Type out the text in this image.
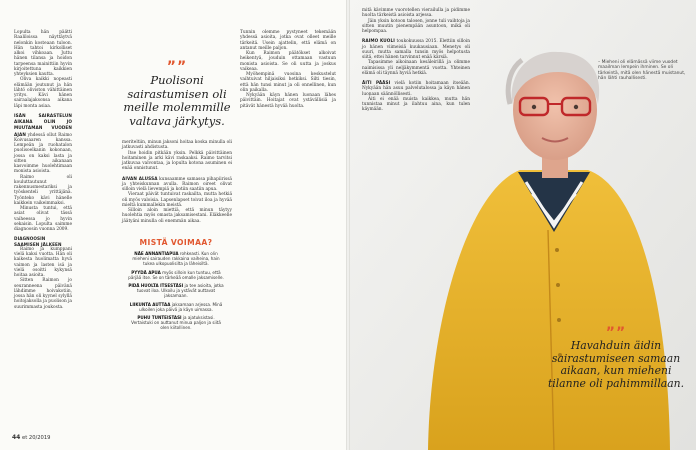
Lopulta hän päätti Raaliloissa näyttäytvä nelonkin kosteaan tuloon. Hän tahtoi kirkolliset alkoi vihkoaan. Juttu hänen tilansa ja hoidon tarpeensa mainittiin hyvin kirjoitettuna kaikkien yhteyksien kautta.

Oliva kaikki nopeasti elämään joutunut ja hän lähtö oliviston vähittäinen yritys. Kävi hänen sairaalajaksonsa aikana läpi monta asiaa.

ISÄN SAIRASTELUN AIKANA OLIN JO MUUTAMAN VUODEN AJAN yhdessä ollut Raimo Koivusaaren kanssa. Lempeän ja ruohatalon puolisoelkanin kokonaan, jossa on kaksi lasta ja sitten aikanaan kasvoimme huolehtimaan monista asioista.

Raimo oli kouluttautunut rakennusmestariksi ja työskenteli yrittäjänä. Työnteko kävi hänelle kaikkein vaikeimmaksi.

Minusta tuntui, että asiat olivat tässä vaiheessa jo hyvin sekaisin. Lopulta saimme diagnoosin vuonna 2009.

DIAGNOOSIN SAAMISEN JÄLKEEN

Raimo ja kumppani vielä kaksi vuotta. Hän oli kaikesta huolimatta hyvä vaimon ja lasten isä ja vielä osoitti kykynsä hoitaa asioita.

Sitten Raimon jo seuranneena päivänä lähdimme hoivakotiin, jossa hän oli kyynel sylyllä hoitojaksolla ja puolison ja suurimmasta joukosta.

””
Puolisoni sairastumisen oli meille molemmille valtava järkytys.

meriteltiin, minun jaksoni hoitaa koska minulla oli jatkuvasti ahdistusta.

Itse hoidin pitkään yksin. Pelkkä päivittäinen hoitaminen ja arki kävi raskaaksi. Raimo tarvitsi jatkuvaa valvontaa, ja lopulta kotona asuminen ei enää onnistunut.

AIVAN ALUSSA kunsaamme samassa pihapiirissä ja yhteiskunnan avulla. Raimon oireet olivat silloin vielä lievempiä ja kotiin saatiin apua.

Vieraat päivät tuntuivat raskailta, mutta hetkiä oli myös valoisia. Lapsenlapset toivat iloa ja hyvää mieltä kummallekin meistä.

Silloin aloin miettiä, että minun täytyy huolehtia myös omasta jaksamisestani. Eläkkeelle jäätyäni minulla oli enemmän aikaa.

Tunnin olemme pystyneet tekemään yhdessä asioita, jotka ovat olleet meille tärkeitä. Usein ajattelin, että elämä on antanut meille paljon.

Kun Raimon päätökset alkoivat heikentyä, jouduin ottamaan vastuun monista asioista. Se oli uutta ja joskus vaikeaa.

Myöhempinä vuosina keskustelut vaihtuivat hiljaisiksi hetkiksi. Silti tiesin, että hän tunsi minut ja oli onnellinen, kun olin paikalla.

Nykyään käyn hänen luonaan lähes päivittäin. Hoitajat ovat ystävällisiä ja pitävät hänestä hyvää huolta.

MISTÄ VOIMAA?

NÄE ANNANTIAPUA rohkeasti. Kun olin mieheni sairauden rakkaina vaiheina, hain tukea ulkopuolisilta ja läheisiltä.

PYYDÄ APUA myös silloin kun tuntuu, että pärjää itse. Se on tärkeää omalle jaksamiselle.

PIDÄ HUOLTA ITSESTÄSI ja tee asioita, jotka tuovat iloa. Ulkoilu ja ystävät auttavat jaksamaan.

LIIKUNTA AUTTAA jaksamaan arjessa. Minä ulkoilen joka päivä ja käyn uimassa.

PUHU TUNTEISTASI ja ajatuksistasi. Vertaistuki on auttanut minua paljon ja siitä olen kiitollinen.

44 et 20/2019

mitä kävimme vuorotellen vierailulla ja pidimme huolta tärkeistä asioista arjessa.

Jäin yksin kotoon talosen, jonne tuli vaihtoja ja sitten muutin pienempään asuntoon, mikä oli helpompaa.

RAIMO KUOLI toukokuussa 2015. Elettiin silloin jo hänen viimeisiä kuukausiaan. Menetys oli suuri, mutta samalla tunsin myös helpotusta siitä, ettei hänen tarvinnut enää kärsiä.

Tapasimme aikoinaan kesäleirillä ja olimme naimisissa yli neljäkymmentä vuotta. Yhteinen elämä oli täynnä hyviä hetkiä.

ÄITI PÄÄSI vielä kotiin hoitamaan itseään. Nykyään hän asuu palvelutalossa ja käyn hänen luonaan säännöllisesti.

Äiti ei enää muista kaikkea, mutta hän tunnistaa minut ja ilahtuu aina, kun tulen käymään.

– Mieheni oli elämässä viime vuodet maailman lempein ihminen. Se oli tärkeintä, mitä olen hänestä muistanut, hän lähti rauhallisesti.
””
Havahduin äidin sairastumiseen samaan aikaan, kun mieheni tilanne oli pahimmillaan.
